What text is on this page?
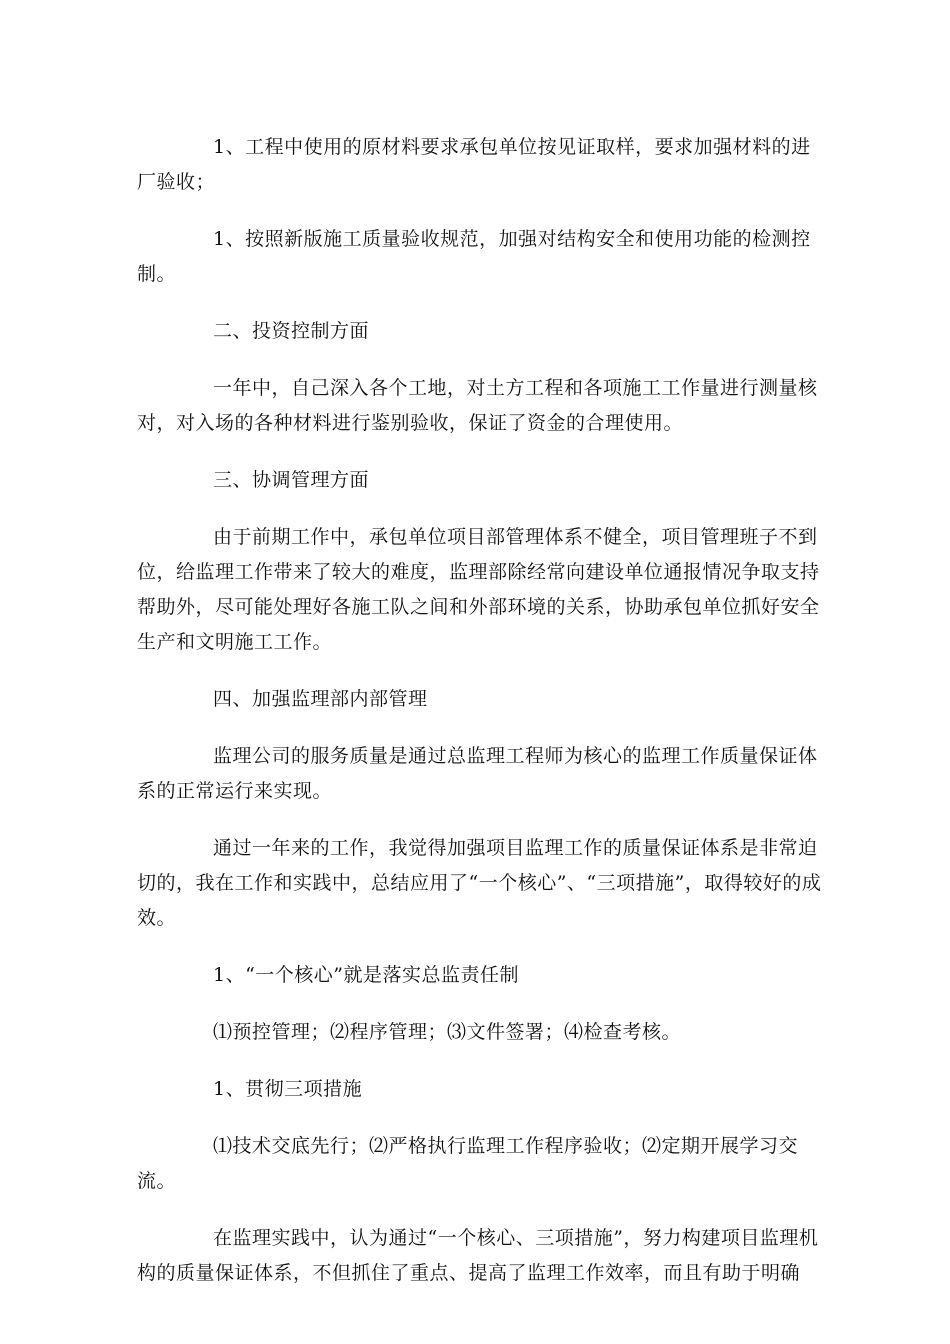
1、工程中使用的原材料要求承包单位按见证取样，要求加强材料的进厂验收；

1、按照新版施工质量验收规范，加强对结构安全和使用功能的检测控制。

二、投资控制方面

一年中，自己深入各个工地，对土方工程和各项施工工作量进行测量核对，对入场的各种材料进行鉴别验收，保证了资金的合理使用。

三、协调管理方面

由于前期工作中，承包单位项目部管理体系不健全，项目管理班子不到位，给监理工作带来了较大的难度，监理部除经常向建设单位通报情况争取支持帮助外，尽可能处理好各施工队之间和外部环境的关系，协助承包单位抓好安全生产和文明施工工作。

四、加强监理部内部管理

监理公司的服务质量是通过总监理工程师为核心的监理工作质量保证体系的正常运行来实现。

通过一年来的工作，我觉得加强项目监理工作的质量保证体系是非常迫切的，我在工作和实践中，总结应用了“一个核心”、“三项措施”，取得较好的成效。

1、“一个核心”就是落实总监责任制

⑴预控管理；⑵程序管理；⑶文件签署；⑷检查考核。

1、贯彻三项措施

⑴技术交底先行；⑵严格执行监理工作程序验收；⑵定期开展学习交流。

在监理实践中，认为通过“一个核心、三项措施”，努力构建项目监理机构的质量保证体系，不但抓住了重点、提高了监理工作效率，而且有助于明确
